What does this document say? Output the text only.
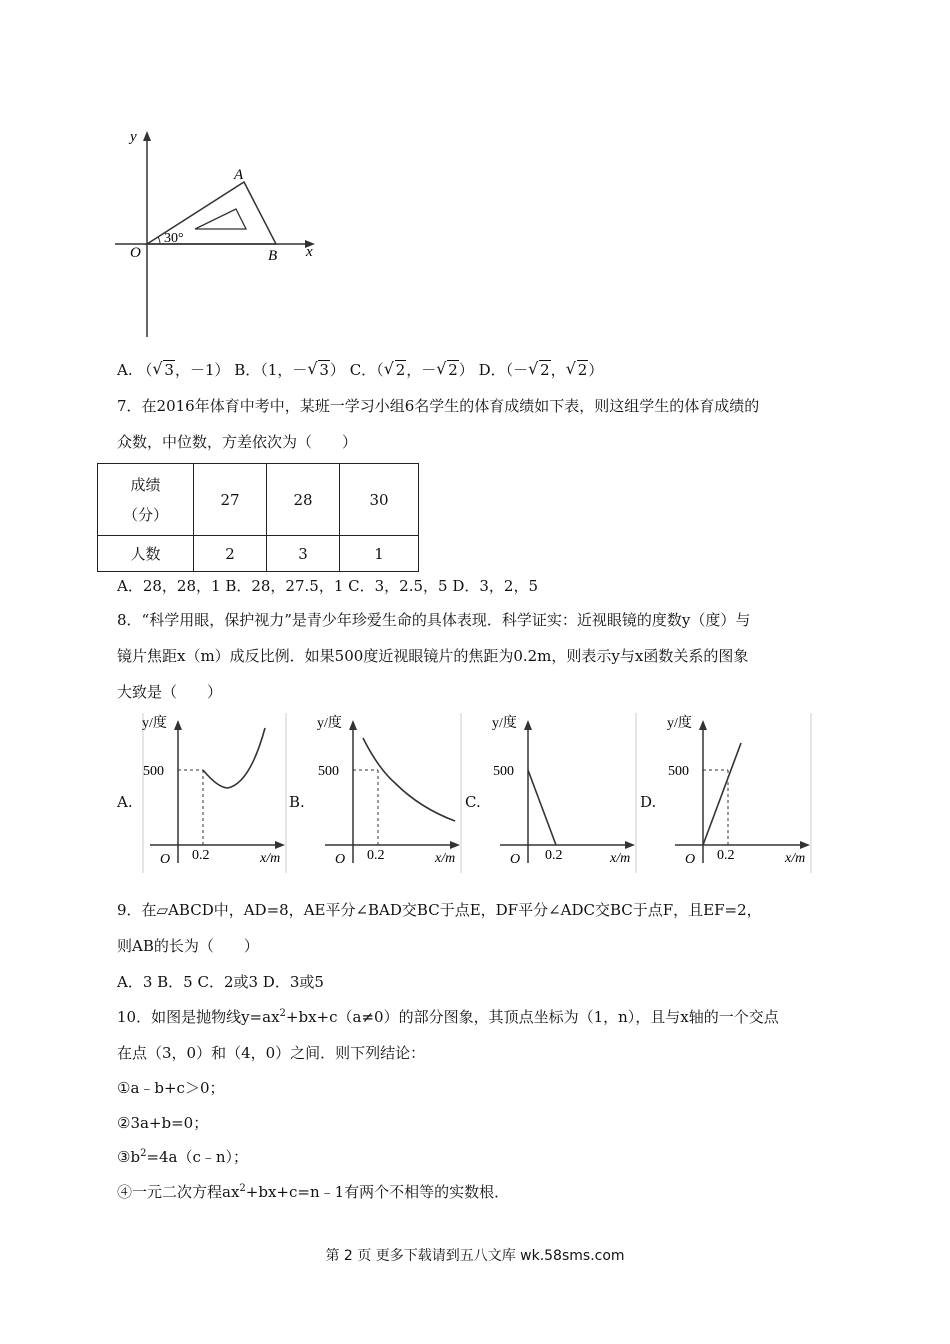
y
x
O
A
B
30°
A. （ √ 3，－1） B．（1，－ √ 3） C．（ √ 2，－ √ 2） D．（－ √ 2， √ 2）
7．在2016年体育中考中，某班一学习小组6名学生的体育成绩如下表，则这组学生的体育成绩的
众数，中位数，方差依次为（　　）
成绩
（分）	27	28	30
人数	2	3	1
A．28，28，1 B．28，27.5，1 C．3，2.5，5 D．3，2，5
8．“科学用眼，保护视力”是青少年珍爱生命的具体表现．科学证实：近视眼镜的度数y（度）与
镜片焦距x（m）成反比例．如果500度近视眼镜片的焦距为0.2m，则表示y与x函数关系的图象
大致是（　　）
A.
y/度
500
O 0.2	x/m
B.
y/度
500
O 0.2	x/m
C.
y/度
500
O 0.2	x/m
D.
y/度
500
O 0.2	x/m
9．在▱ABCD中，AD=8，AE平分∠BAD交BC于点E，DF平分∠ADC交BC于点F，且EF=2，
则AB的长为（　　）
A．3 B．5 C．2或3 D．3或5
10．如图是抛物线$y=ax^2+bx+c(a\ne 0)$的部分图象，其顶点坐标为（1，n），且与x轴的一个交点
在点（3，0）和（4，0）之间．则下列结论：
①a﹣b+c＞0；
②3a+b=0；
$③b^2=4a(c﹣n)$；
④一元二次方程$ax^2+bx+c=n﹣1$有两个不相等的实数根．
第 2 页 更多下载请到五八文库 wk.58sms.com
